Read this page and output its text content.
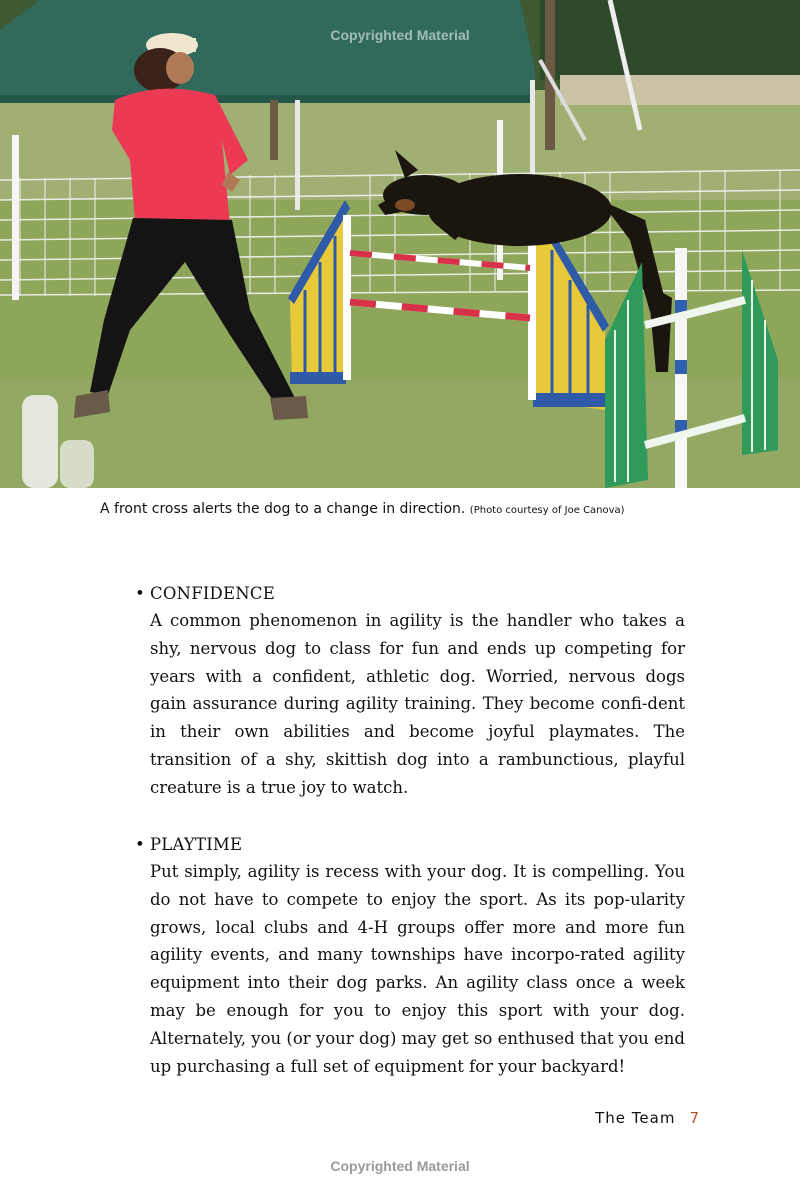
Copyrighted Material
A front cross alerts the dog to a change in direction. (Photo courtesy of Joe Canova)
• CONFIDENCE
A common phenomenon in agility is the handler who takes a shy, nervous dog to class for fun and ends up competing for years with a confident, athletic dog. Worried, nervous dogs gain assurance during agility training. They become confi-dent in their own abilities and become joyful playmates. The transition of a shy, skittish dog into a rambunctious, playful creature is a true joy to watch.
• PLAYTIME
Put simply, agility is recess with your dog. It is compelling. You do not have to compete to enjoy the sport. As its pop-ularity grows, local clubs and 4-H groups offer more and more fun agility events, and many townships have incorpo-rated agility equipment into their dog parks. An agility class once a week may be enough for you to enjoy this sport with your dog. Alternately, you (or your dog) may get so enthused that you end up purchasing a full set of equipment for your backyard!
The Team 7
Copyrighted Material
